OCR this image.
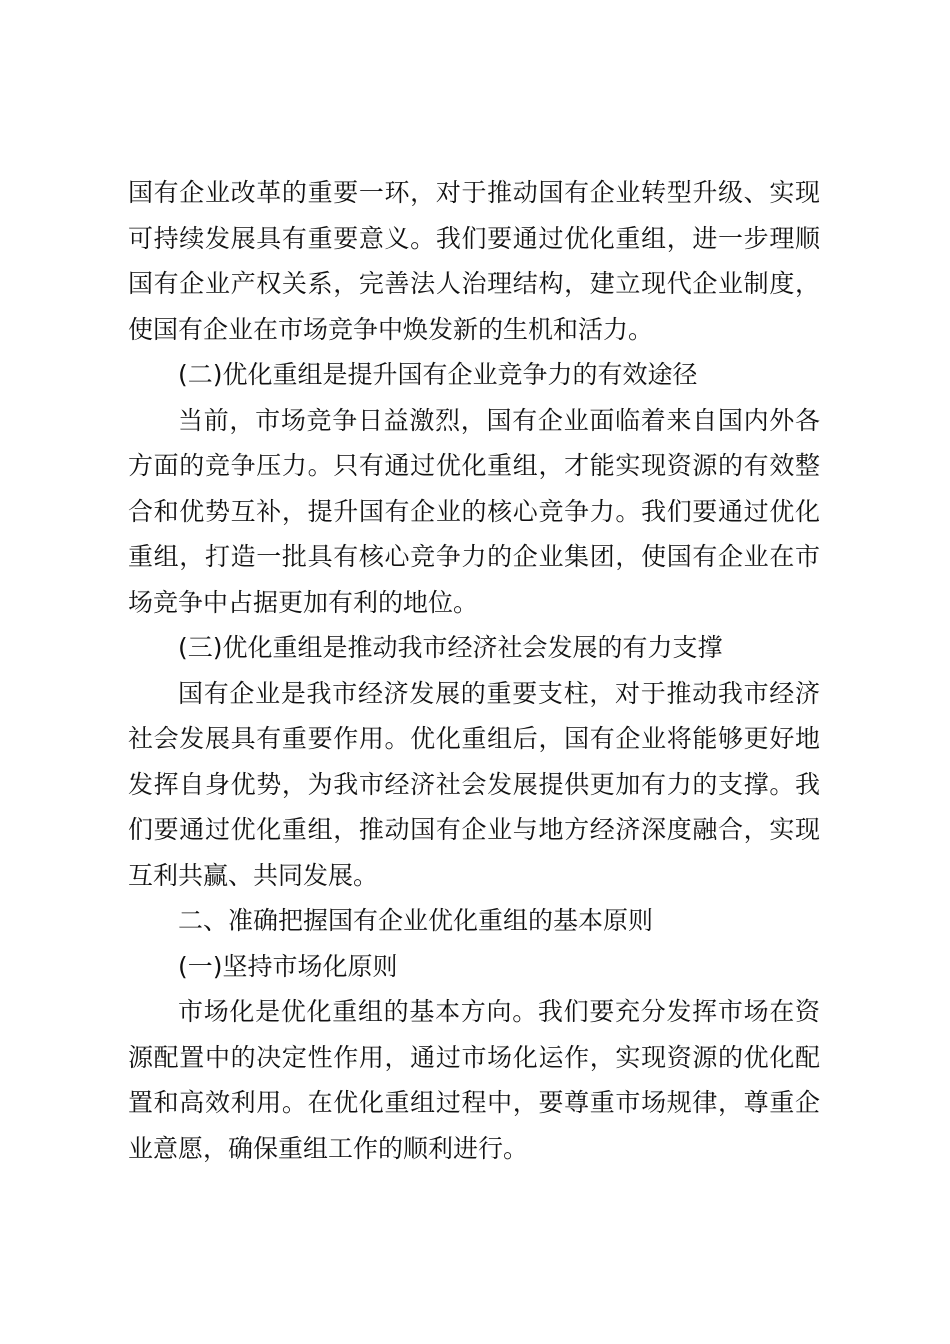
国有企业改革的重要一环，对于推动国有企业转型升级、实现可持续发展具有重要意义。我们要通过优化重组，进一步理顺国有企业产权关系，完善法人治理结构，建立现代企业制度，使国有企业在市场竞争中焕发新的生机和活力。

(二)优化重组是提升国有企业竞争力的有效途径

当前，市场竞争日益激烈，国有企业面临着来自国内外各方面的竞争压力。只有通过优化重组，才能实现资源的有效整合和优势互补，提升国有企业的核心竞争力。我们要通过优化重组，打造一批具有核心竞争力的企业集团，使国有企业在市场竞争中占据更加有利的地位。

(三)优化重组是推动我市经济社会发展的有力支撑

国有企业是我市经济发展的重要支柱，对于推动我市经济社会发展具有重要作用。优化重组后，国有企业将能够更好地发挥自身优势，为我市经济社会发展提供更加有力的支撑。我们要通过优化重组，推动国有企业与地方经济深度融合，实现互利共赢、共同发展。

二、准确把握国有企业优化重组的基本原则

(一)坚持市场化原则

市场化是优化重组的基本方向。我们要充分发挥市场在资源配置中的决定性作用，通过市场化运作，实现资源的优化配置和高效利用。在优化重组过程中，要尊重市场规律，尊重企业意愿，确保重组工作的顺利进行。
